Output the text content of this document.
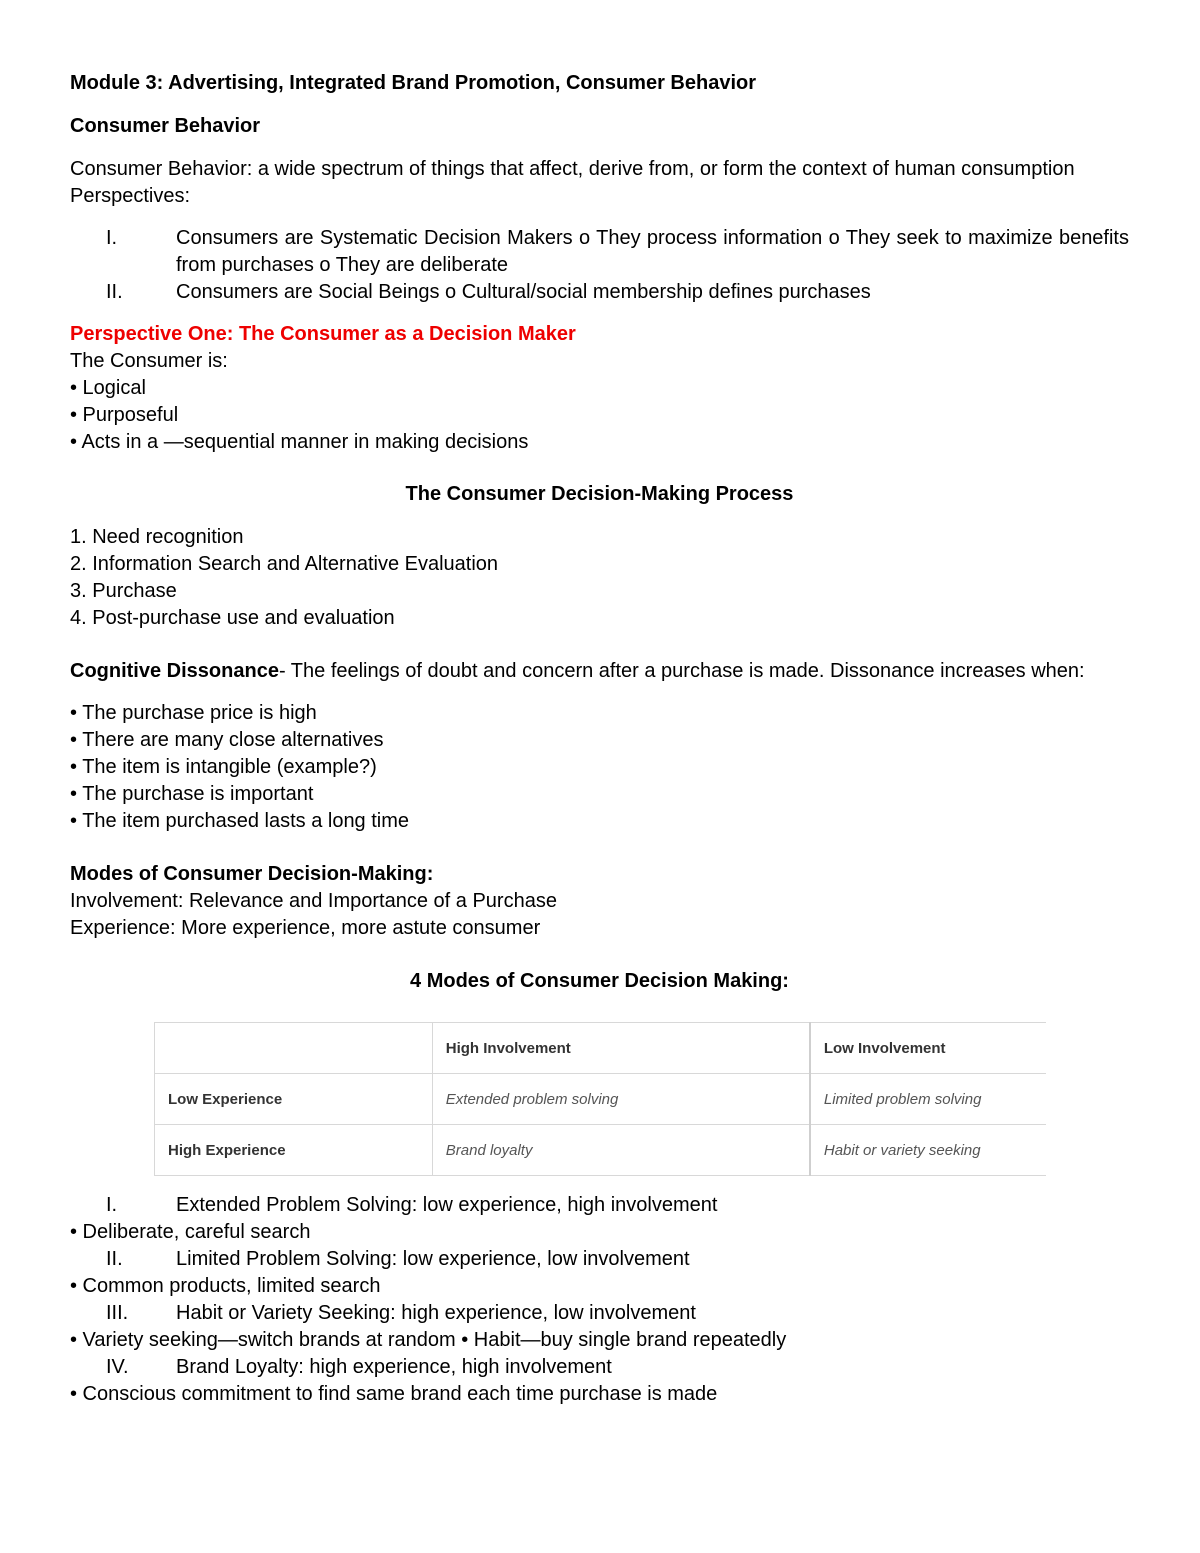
Module 3: Advertising, Integrated Brand Promotion, Consumer Behavior
Consumer Behavior
Consumer Behavior: a wide spectrum of things that affect, derive from, or form the context of human consumption
Perspectives:
I.	Consumers are Systematic Decision Makers o They process information o They seek to maximize benefits from purchases o They are deliberate
II.	Consumers are Social Beings o Cultural/social membership defines purchases
Perspective One: The Consumer as a Decision Maker
The Consumer is:
• Logical
• Purposeful
• Acts in a ―sequential manner in making decisions
The Consumer Decision-Making Process
1. Need recognition
2. Information Search and Alternative Evaluation
3. Purchase
4. Post-purchase use and evaluation
Cognitive Dissonance- The feelings of doubt and concern after a purchase is made. Dissonance increases when:
• The purchase price is high
• There are many close alternatives
• The item is intangible (example?)
• The purchase is important
• The item purchased lasts a long time
Modes of Consumer Decision-Making:
Involvement: Relevance and Importance of a Purchase
Experience: More experience, more astute consumer
4 Modes of Consumer Decision Making:
	High Involvement	Low Involvement
Low Experience	Extended problem solving	Limited problem solving
High Experience	Brand loyalty	Habit or variety seeking
I.	Extended Problem Solving: low experience, high involvement
• Deliberate, careful search
II.	Limited Problem Solving: low experience, low involvement
• Common products, limited search
III.	Habit or Variety Seeking: high experience, low involvement
• Variety seeking—switch brands at random • Habit—buy single brand repeatedly
IV.	Brand Loyalty: high experience, high involvement
• Conscious commitment to find same brand each time purchase is made
